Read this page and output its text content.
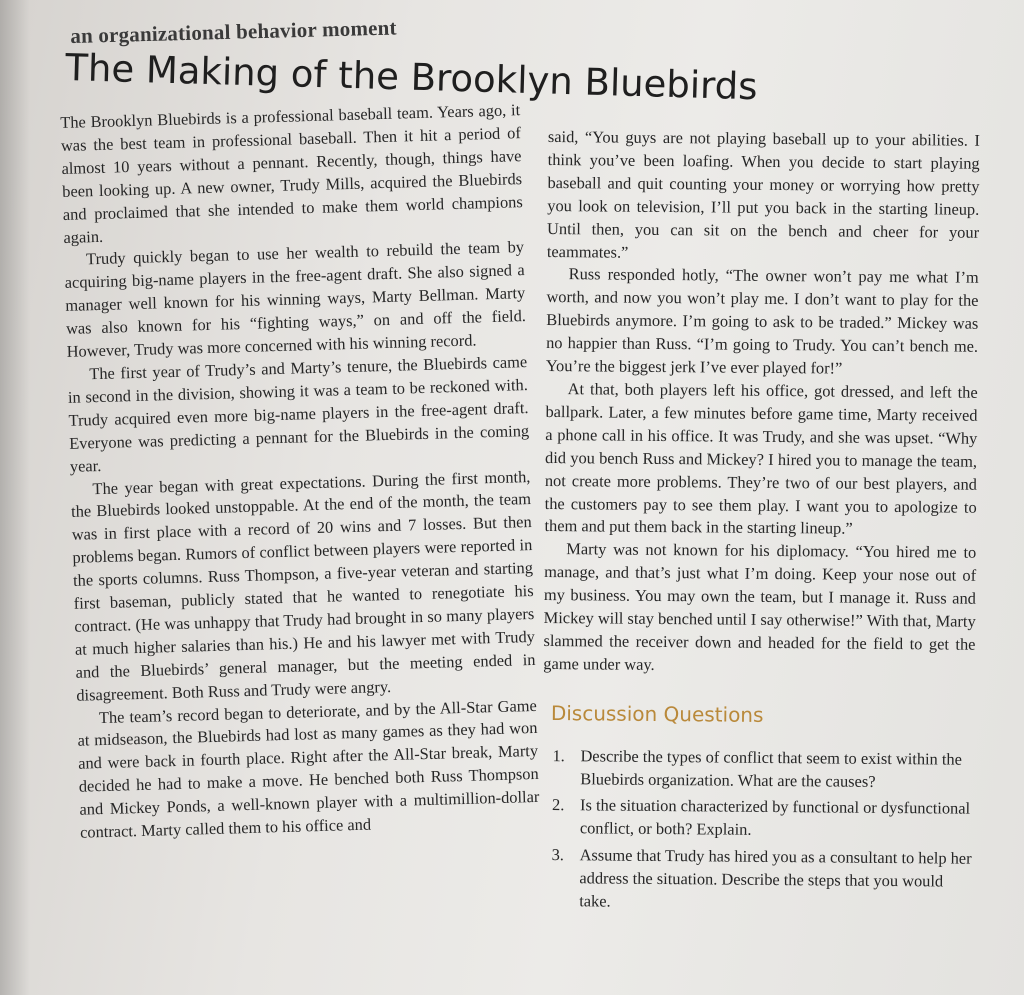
an organizational behavior moment
The Making of the Brooklyn Bluebirds

The Brooklyn Bluebirds is a professional baseball team. Years ago, it was the best team in professional baseball. Then it hit a period of almost 10 years without a pennant. Recently, though, things have been looking up. A new owner, Trudy Mills, acquired the Bluebirds and proclaimed that she intended to make them world champions again.

Trudy quickly began to use her wealth to rebuild the team by acquiring big-name players in the free-agent draft. She also signed a manager well known for his winning ways, Marty Bellman. Marty was also known for his “fighting ways,” on and off the field. However, Trudy was more concerned with his winning record.

The first year of Trudy’s and Marty’s tenure, the Bluebirds came in second in the division, showing it was a team to be reckoned with. Trudy acquired even more big-name players in the free-agent draft. Everyone was predicting a pennant for the Bluebirds in the coming year.

The year began with great expectations. During the first month, the Bluebirds looked unstoppable. At the end of the month, the team was in first place with a record of 20 wins and 7 losses. But then problems began. Rumors of conflict between players were reported in the sports columns. Russ Thompson, a five-year veteran and starting first baseman, publicly stated that he wanted to renegotiate his contract. (He was unhappy that Trudy had brought in so many players at much higher salaries than his.) He and his lawyer met with Trudy and the Bluebirds’ general manager, but the meeting ended in disagreement. Both Russ and Trudy were angry.

The team’s record began to deteriorate, and by the All-Star Game at midseason, the Bluebirds had lost as many games as they had won and were back in fourth place. Right after the All-Star break, Marty decided he had to make a move. He benched both Russ Thompson and Mickey Ponds, a well-known player with a multimillion-dollar contract. Marty called them to his office and

said, “You guys are not playing baseball up to your abilities. I think you’ve been loafing. When you decide to start playing baseball and quit counting your money or worrying how pretty you look on television, I’ll put you back in the starting lineup. Until then, you can sit on the bench and cheer for your teammates.”

Russ responded hotly, “The owner won’t pay me what I’m worth, and now you won’t play me. I don’t want to play for the Bluebirds anymore. I’m going to ask to be traded.” Mickey was no happier than Russ. “I’m going to Trudy. You can’t bench me. You’re the biggest jerk I’ve ever played for!”

At that, both players left his office, got dressed, and left the ballpark. Later, a few minutes before game time, Marty received a phone call in his office. It was Trudy, and she was upset. “Why did you bench Russ and Mickey? I hired you to manage the team, not create more problems. They’re two of our best players, and the customers pay to see them play. I want you to apologize to them and put them back in the starting lineup.”

Marty was not known for his diplomacy. “You hired me to manage, and that’s just what I’m doing. Keep your nose out of my business. You may own the team, but I manage it. Russ and Mickey will stay benched until I say otherwise!” With that, Marty slammed the receiver down and headed for the field to get the game under way.

Discussion Questions
1. Describe the types of conflict that seem to exist within the Bluebirds organization. What are the causes?
2. Is the situation characterized by functional or dysfunctional conflict, or both? Explain.
3. Assume that Trudy has hired you as a consultant to help her address the situation. Describe the steps that you would take.
